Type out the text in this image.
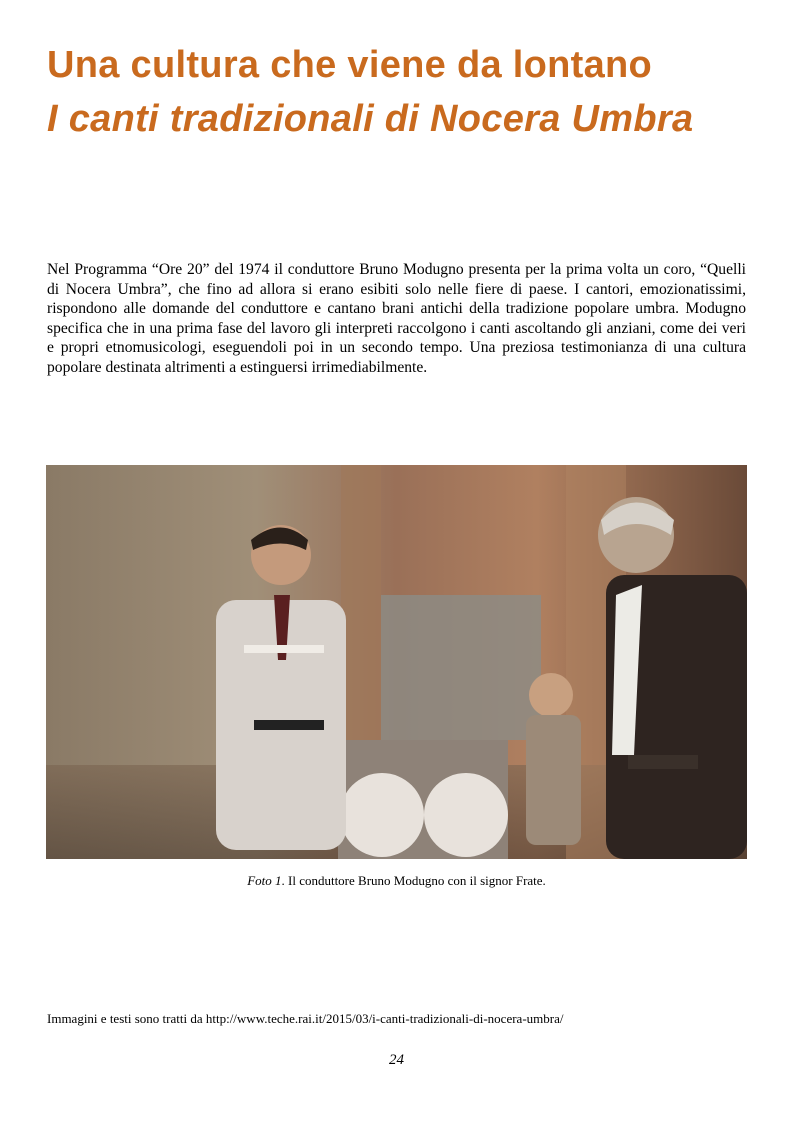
Una cultura che viene da lontano
I canti tradizionali di Nocera Umbra

Nel Programma “Ore 20” del 1974 il conduttore Bruno Modugno presenta per la prima volta un coro, “Quelli di Nocera Umbra”, che fino ad allora si erano esibiti solo nelle fiere di paese. I cantori, emozionatissimi, rispondono alle domande del conduttore e cantano brani antichi della tradizione popolare umbra. Modugno specifica che in una prima fase del lavoro gli interpreti raccolgono i canti ascoltando gli anziani, come dei veri e propri etnomusicologi, eseguendoli poi in un secondo tempo. Una preziosa testimonianza di una cultura popolare destinata altrimenti a estinguersi irrimediabilmente.

Foto 1. Il conduttore Bruno Modugno con il signor Frate.
Immagini e testi sono tratti da http://www.teche.rai.it/2015/03/i-canti-tradizionali-di-nocera-umbra/
24
